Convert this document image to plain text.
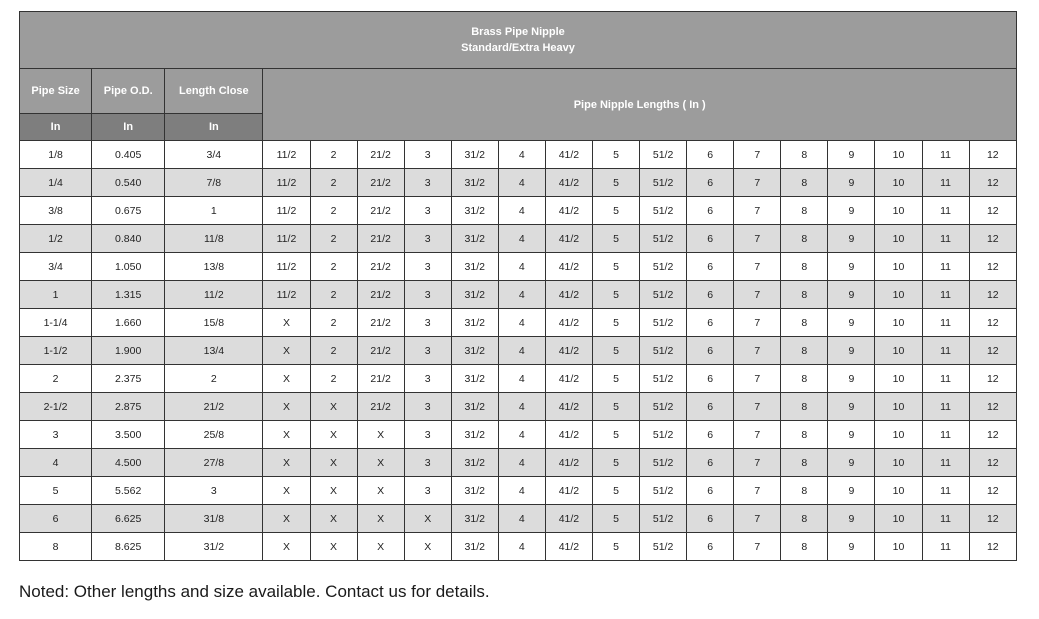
Brass Pipe Nipple
Standard/Extra Heavy																		

Pipe Size	Pipe O.D.	Length Close	Pipe Nipple Lengths ( In )															
In	In	In																
1/8	0.405	3/4	11/2	2	21/2	3	31/2	4	41/2	5	51/2	6	7	8	9	10	11	12
1/4	0.540	7/8	11/2	2	21/2	3	31/2	4	41/2	5	51/2	6	7	8	9	10	11	12
3/8	0.675	1	11/2	2	21/2	3	31/2	4	41/2	5	51/2	6	7	8	9	10	11	12
1/2	0.840	11/8	11/2	2	21/2	3	31/2	4	41/2	5	51/2	6	7	8	9	10	11	12
3/4	1.050	13/8	11/2	2	21/2	3	31/2	4	41/2	5	51/2	6	7	8	9	10	11	12
1	1.315	11/2	11/2	2	21/2	3	31/2	4	41/2	5	51/2	6	7	8	9	10	11	12
1-1/4	1.660	15/8	X	2	21/2	3	31/2	4	41/2	5	51/2	6	7	8	9	10	11	12
1-1/2	1.900	13/4	X	2	21/2	3	31/2	4	41/2	5	51/2	6	7	8	9	10	11	12
2	2.375	2	X	2	21/2	3	31/2	4	41/2	5	51/2	6	7	8	9	10	11	12
2-1/2	2.875	21/2	X	X	21/2	3	31/2	4	41/2	5	51/2	6	7	8	9	10	11	12
3	3.500	25/8	X	X	X	3	31/2	4	41/2	5	51/2	6	7	8	9	10	11	12
4	4.500	27/8	X	X	X	3	31/2	4	41/2	5	51/2	6	7	8	9	10	11	12
5	5.562	3	X	X	X	3	31/2	4	41/2	5	51/2	6	7	8	9	10	11	12
6	6.625	31/8	X	X	X	X	31/2	4	41/2	5	51/2	6	7	8	9	10	11	12
8	8.625	31/2	X	X	X	X	31/2	4	41/2	5	51/2	6	7	8	9	10	11	12
Noted: Other lengths and size available. Contact us for details.
